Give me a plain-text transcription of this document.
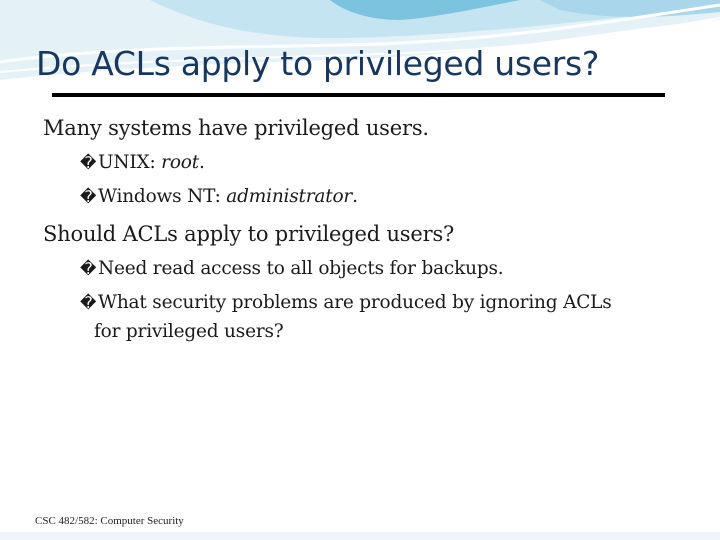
Do ACLs apply to privileged users?
Many systems have privileged users.
�UNIX: root.
�Windows NT: administrator.
Should ACLs apply to privileged users?
�Need read access to all objects for backups.
�What security problems are produced by ignoring ACLs
for privileged users?
CSC 482/582: Computer Security
